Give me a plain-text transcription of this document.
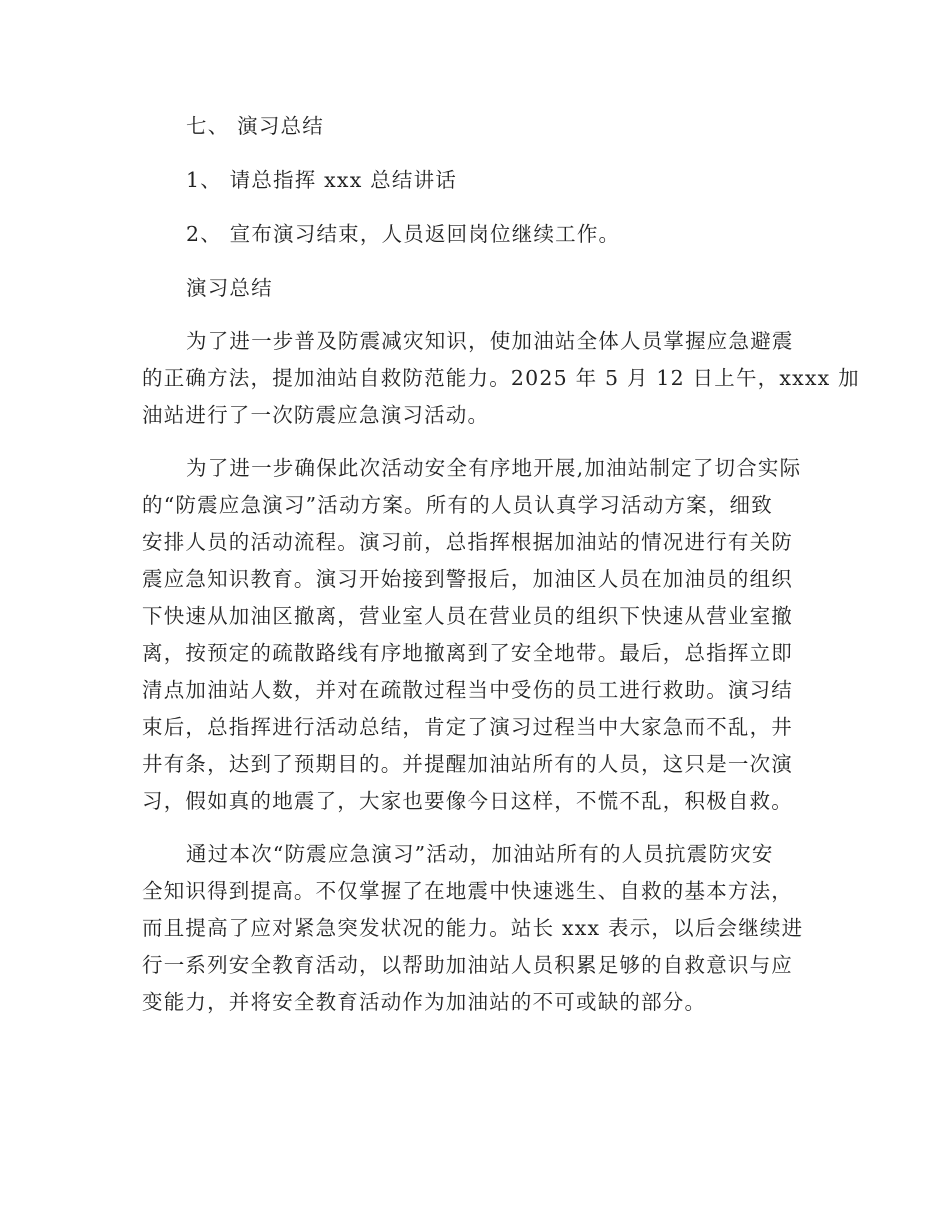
七、 演习总结
1、 请总指挥 xxx 总结讲话
2、 宣布演习结束，人员返回岗位继续工作。
演习总结
为了进一步普及防震减灾知识，使加油站全体人员掌握应急避震
的正确方法，提加油站自救防范能力。2025 年 5 月 12 日上午，xxxx 加
油站进行了一次防震应急演习活动。
为了进一步确保此次活动安全有序地开展,加油站制定了切合实际
的“防震应急演习”活动方案。所有的人员认真学习活动方案，细致
安排人员的活动流程。演习前，总指挥根据加油站的情况进行有关防
震应急知识教育。演习开始接到警报后，加油区人员在加油员的组织
下快速从加油区撤离，营业室人员在营业员的组织下快速从营业室撤
离，按预定的疏散路线有序地撤离到了安全地带。最后，总指挥立即
清点加油站人数，并对在疏散过程当中受伤的员工进行救助。演习结
束后，总指挥进行活动总结，肯定了演习过程当中大家急而不乱，井
井有条，达到了预期目的。并提醒加油站所有的人员，这只是一次演
习，假如真的地震了，大家也要像今日这样，不慌不乱，积极自救。
通过本次“防震应急演习”活动，加油站所有的人员抗震防灾安
全知识得到提高。不仅掌握了在地震中快速逃生、自救的基本方法，
而且提高了应对紧急突发状况的能力。站长 xxx 表示，以后会继续进
行一系列安全教育活动，以帮助加油站人员积累足够的自救意识与应
变能力，并将安全教育活动作为加油站的不可或缺的部分。
